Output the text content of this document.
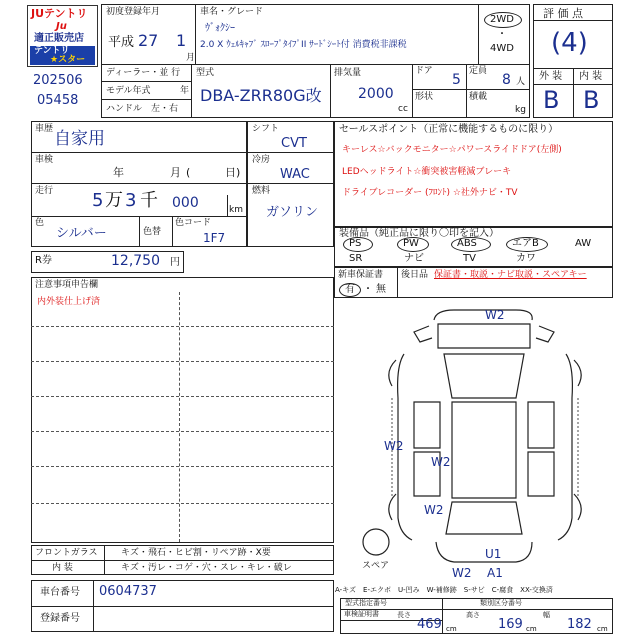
JUテントリ
Ju
適正販売店
テントリ
★スター
202506
05458
初度登録年月
平成 27 1
月
ディーラー・並 行
モデル年式	年
ハンドル　左・右
車名・グレード
ｳﾞｫｸｼｰ
2.0 X ｳｪﾙｷｬﾌﾞ ｽﾛｰﾌﾟﾀｲﾌﾟII ｻｰﾄﾞｼｰﾄ付 消費税非課税
2WD
・
4WD
型式
DBA-ZRR80G改
排気量
2000
cc
ドア
5
定員
8 人
形状	積載
kg
評 価 点
(4)
外 装 内 装
B B
車歴 自家用
車検
年	月 (	日)
走行 5 万 3 千 000	km
色
シルバー	色替
色コード
1F7
シフト
CVT
冷房
WAC
燃料
ガソリン
R券	12,750 円
セールスポイント（正常に機能するものに限り）
キーレス☆バックモニター☆パワースライドドア(左側)
LEDヘッドライト☆衝突被害軽減ブレーキ
ドライブレコーダー (ﾌﾛﾝﾄ) ☆社外ナビ・TV
装備品（純正品に限り〇印を記入）
PS	PW	ABS	エアB	AW
SR	ナビ	TV	カワ
新車保証書
有 ・ 無
後日品 保証書・取説・ナビ取説・スペアキー
注意事項申告欄
内外装仕上げ済
W2
W2
W2
W2
U1
W2 A1
スペア
A-キズ　E-エクボ　U-凹み　W-補修跡　S-サビ　C-腐食　XX-交換済
フロントガラス	キズ・飛石・ヒビ割・リペア跡・X要
内 装	キズ・汚レ・コゲ・穴・スレ・キレ・破レ
車台番号 0604737
登録番号
型式指定番号	類別区分番号
車検証明書	長さ
469 cm
高さ
169 cm
幅
182 cm
